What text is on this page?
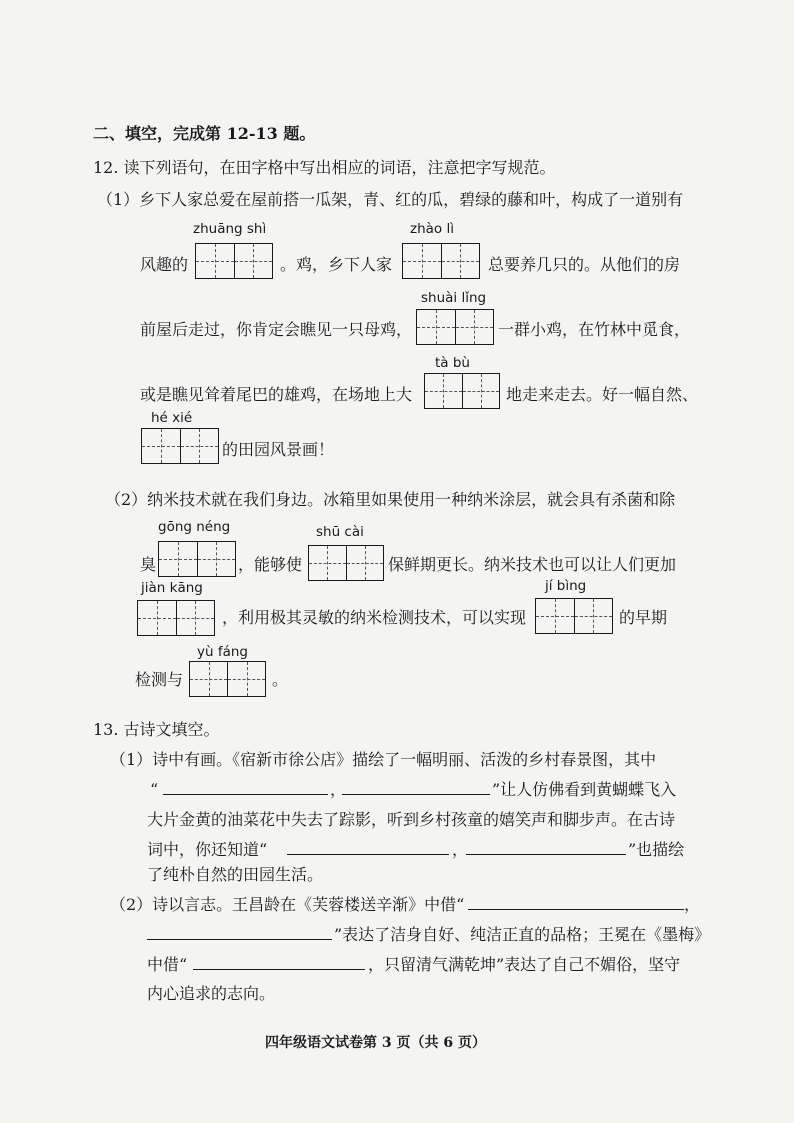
二、填空，完成第 12-13 题。
12. 读下列语句，在田字格中写出相应的词语，注意把字写规范。
（1）乡下人家总爱在屋前搭一瓜架，青、红的瓜，碧绿的藤和叶，构成了一道别有
zhuāng shì	zhào lì
风趣的	。鸡，乡下人家	总要养几只的。从他们的房
shuài lǐng
前屋后走过，你肯定会瞧见一只母鸡，	一群小鸡，在竹林中觅食，
tà bù
或是瞧见耸着尾巴的雄鸡，在场地上大	地走来走去。好一幅自然、
hé xié
的田园风景画！
（2）纳米技术就在我们身边。冰箱里如果使用一种纳米涂层，就会具有杀菌和除
gōng néng	shū cài
臭	，能够使	保鲜期更长。纳米技术也可以让人们更加
jiàn kāng	jí bìng
，利用极其灵敏的纳米检测技术，可以实现	的早期
yù fáng
检测与	。
13. 古诗文填空。
（1）诗中有画。《宿新市徐公店》描绘了一幅明丽、活泼的乡村春景图，其中
“	，	”让人仿佛看到黄蝴蝶飞入
大片金黄的油菜花中失去了踪影，听到乡村孩童的嬉笑声和脚步声。在古诗
词中，你还知道“	，	”也描绘
了纯朴自然的田园生活。
（2）诗以言志。王昌龄在《芙蓉楼送辛渐》中借“	，
”表达了洁身自好、纯洁正直的品格；王冕在《墨梅》
中借“	，只留清气满乾坤”表达了自己不媚俗，坚守
内心追求的志向。
四年级语文试卷第 3 页（共 6 页）
